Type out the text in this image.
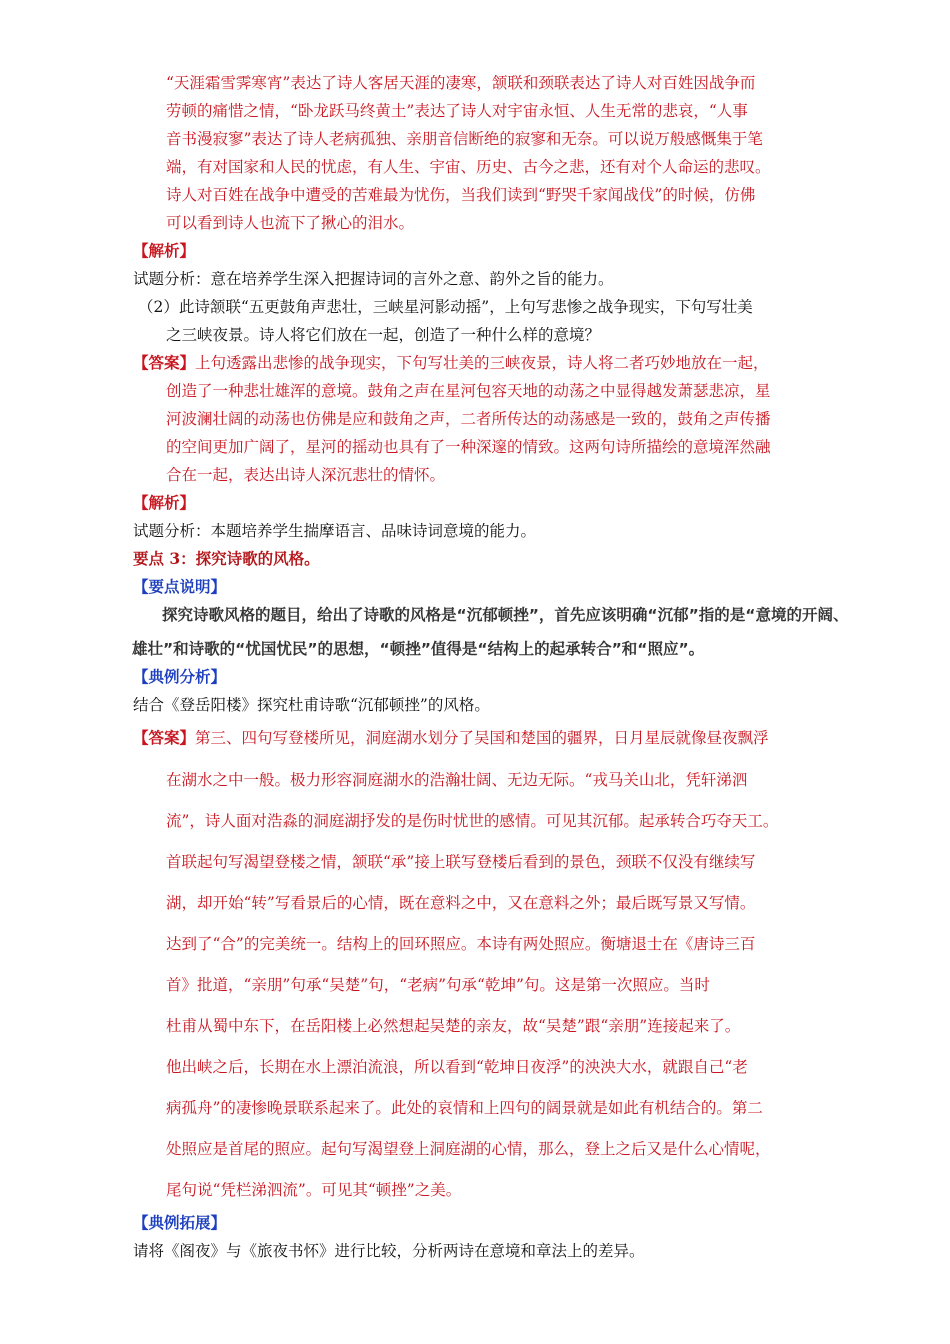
“天涯霜雪霁寒宵”表达了诗人客居天涯的凄寒，颔联和颈联表达了诗人对百姓因战争而
劳顿的痛惜之情，“卧龙跃马终黄土”表达了诗人对宇宙永恒、人生无常的悲哀，“人事
音书漫寂寥”表达了诗人老病孤独、亲朋音信断绝的寂寥和无奈。可以说万般感慨集于笔
端，有对国家和人民的忧虑，有人生、宇宙、历史、古今之悲，还有对个人命运的悲叹。
诗人对百姓在战争中遭受的苦难最为忧伤，当我们读到“野哭千家闻战伐”的时候，仿佛
可以看到诗人也流下了揪心的泪水。
【解析】
试题分析：意在培养学生深入把握诗词的言外之意、韵外之旨的能力。
（2）此诗颔联“五更鼓角声悲壮，三峡星河影动摇”，上句写悲惨之战争现实，下句写壮美
之三峡夜景。诗人将它们放在一起，创造了一种什么样的意境？
【答案】上句透露出悲惨的战争现实，下句写壮美的三峡夜景，诗人将二者巧妙地放在一起，
创造了一种悲壮雄浑的意境。鼓角之声在星河包容天地的动荡之中显得越发萧瑟悲凉，星
河波澜壮阔的动荡也仿佛是应和鼓角之声，二者所传达的动荡感是一致的，鼓角之声传播
的空间更加广阔了，星河的摇动也具有了一种深邃的情致。这两句诗所描绘的意境浑然融
合在一起，表达出诗人深沉悲壮的情怀。
【解析】
试题分析：本题培养学生揣摩语言、品味诗词意境的能力。
要点 3：探究诗歌的风格。
【要点说明】
探究诗歌风格的题目，给出了诗歌的风格是“沉郁顿挫”，首先应该明确“沉郁”指的是“意境的开阔、
雄壮”和诗歌的“忧国忧民”的思想，“顿挫”值得是“结构上的起承转合”和“照应”。
【典例分析】
结合《登岳阳楼》探究杜甫诗歌“沉郁顿挫”的风格。
【答案】第三、四句写登楼所见，洞庭湖水划分了吴国和楚国的疆界，日月星辰就像昼夜飘浮
在湖水之中一般。极力形容洞庭湖水的浩瀚壮阔、无边无际。“戎马关山北，凭轩涕泗
流”，诗人面对浩淼的洞庭湖抒发的是伤时忧世的感情。可见其沉郁。起承转合巧夺天工。
首联起句写渴望登楼之情，颔联“承”接上联写登楼后看到的景色，颈联不仅没有继续写
湖，却开始“转”写看景后的心情，既在意料之中，又在意料之外；最后既写景又写情。
达到了“合”的完美统一。结构上的回环照应。本诗有两处照应。衡塘退士在《唐诗三百
首》批道，“亲朋”句承“吴楚”句，“老病”句承“乾坤”句。这是第一次照应。当时
杜甫从蜀中东下，在岳阳楼上必然想起吴楚的亲友，故“吴楚”跟“亲朋”连接起来了。
他出峡之后，长期在水上漂泊流浪，所以看到“乾坤日夜浮”的泱泱大水，就跟自己“老
病孤舟”的凄惨晚景联系起来了。此处的哀情和上四句的阔景就是如此有机结合的。第二
处照应是首尾的照应。起句写渴望登上洞庭湖的心情，那么，登上之后又是什么心情呢，
尾句说“凭栏涕泗流”。可见其“顿挫”之美。
【典例拓展】
请将《阁夜》与《旅夜书怀》进行比较，分析两诗在意境和章法上的差异。
